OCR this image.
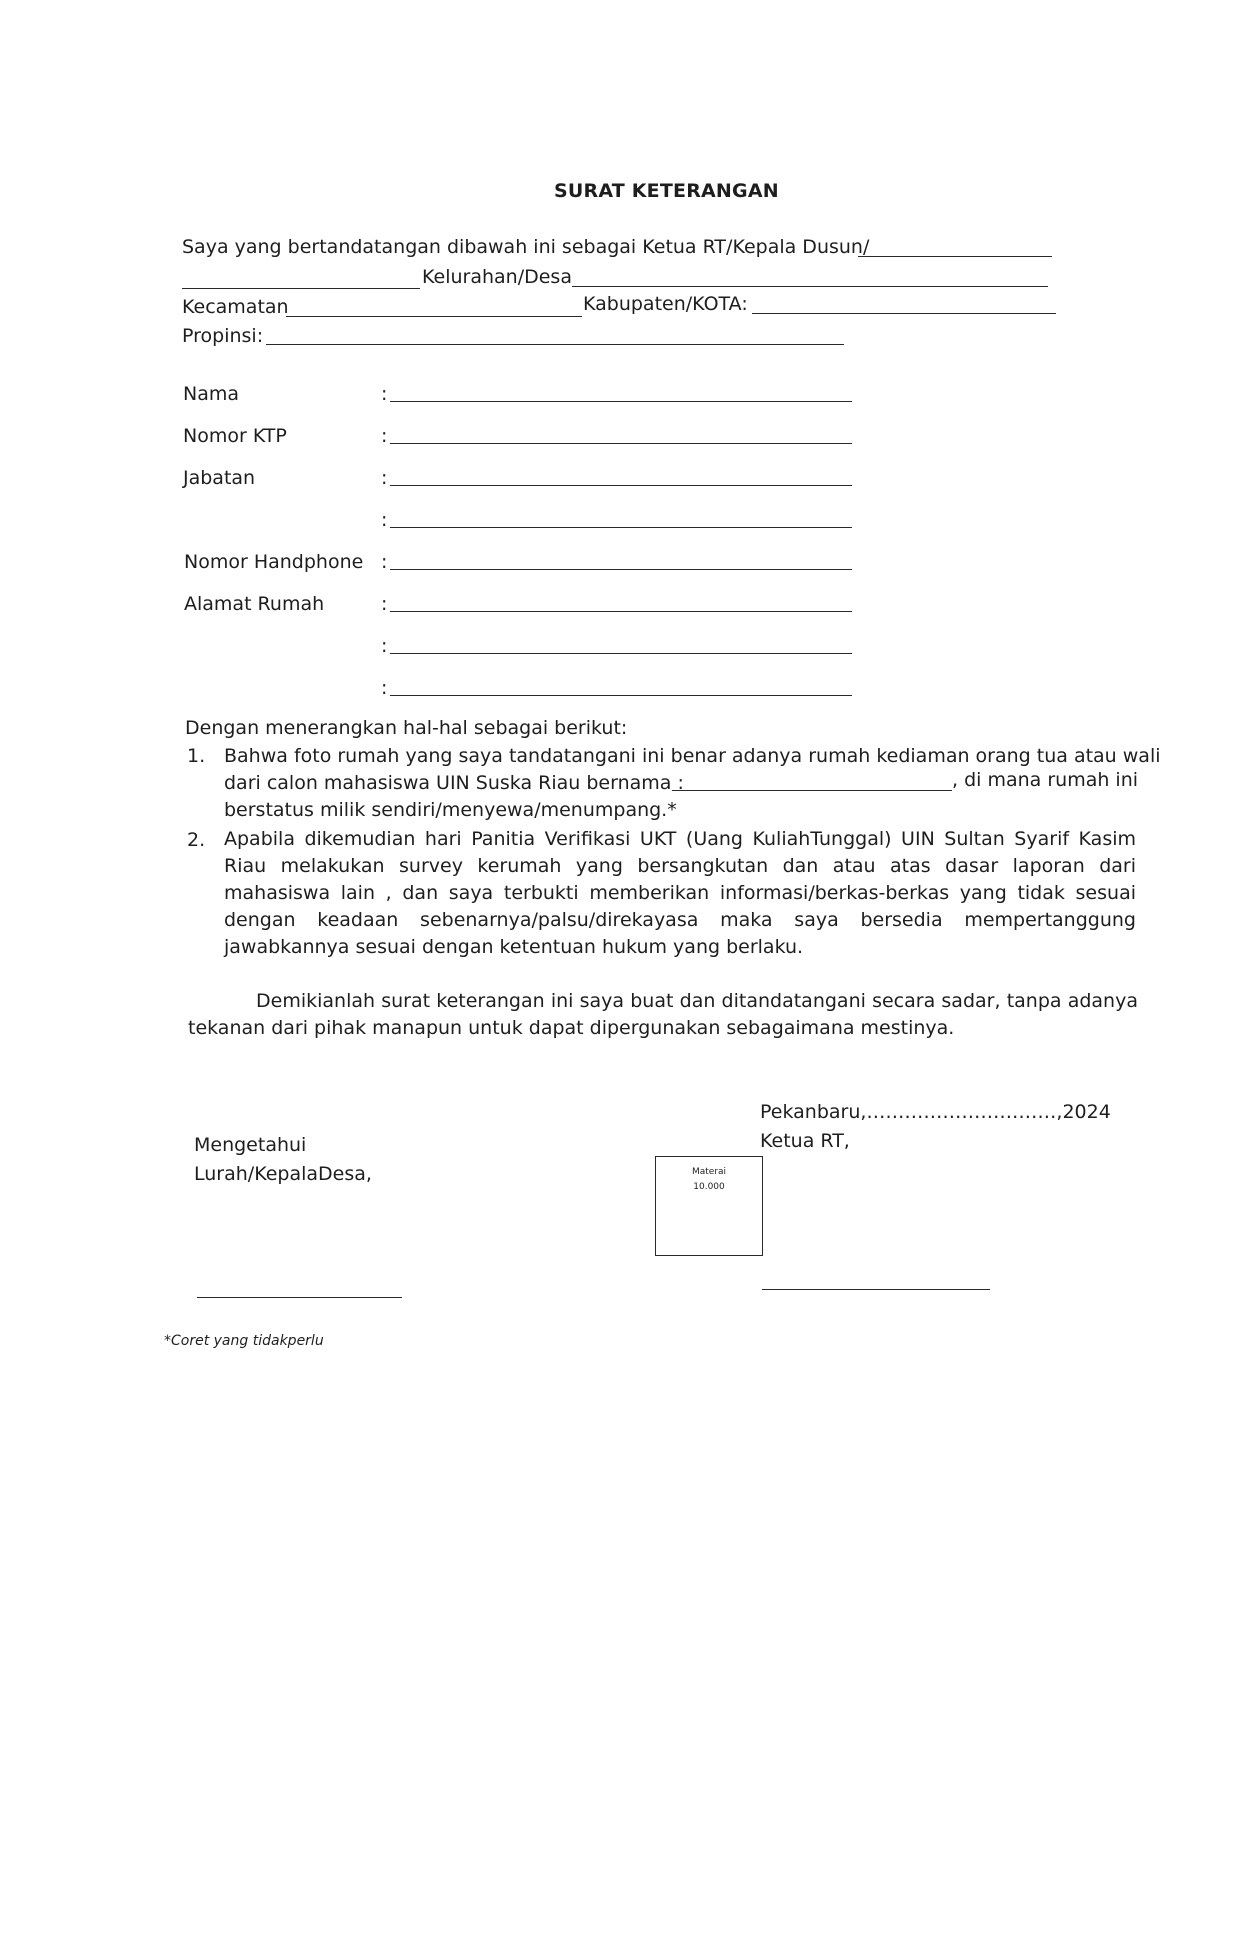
SURAT KETERANGAN
Saya yang bertandatangan dibawah ini sebagai Ketua RT/Kepala Dusun/
Kelurahan/Desa
Kecamatan	Kabupaten/KOTA:
Propinsi:
Nama	:
Nomor KTP	:
Jabatan	:
:
Nomor Handphone :
Alamat Rumah	:
:
:
Dengan menerangkan hal-hal sebagai berikut:
1. Bahwa foto rumah yang saya tandatangani ini benar adanya rumah kediaman orang tua atau wali
dari calon mahasiswa UIN Suska Riau bernama :	, di mana rumah ini
berstatus milik sendiri/menyewa/menumpang.*
2. Apabila dikemudian hari Panitia Verifikasi UKT (Uang KuliahTunggal) UIN Sultan Syarif Kasim Riau melakukan survey kerumah yang bersangkutan dan atau atas dasar laporan dari mahasiswa lain , dan saya terbukti memberikan informasi/berkas-berkas yang tidak sesuai dengan keadaan sebenarnya/palsu/direkayasa maka saya bersedia mempertanggung jawabkannya sesuai dengan ketentuan hukum yang berlaku.
Demikianlah surat keterangan ini saya buat dan ditandatangani secara sadar, tanpa adanya tekanan dari pihak manapun untuk dapat dipergunakan sebagaimana mestinya.
Pekanbaru,…………………………,2024
Ketua RT,
Mengetahui
Lurah/KepalaDesa,	Materai
10.000
*Coret yang tidakperlu
